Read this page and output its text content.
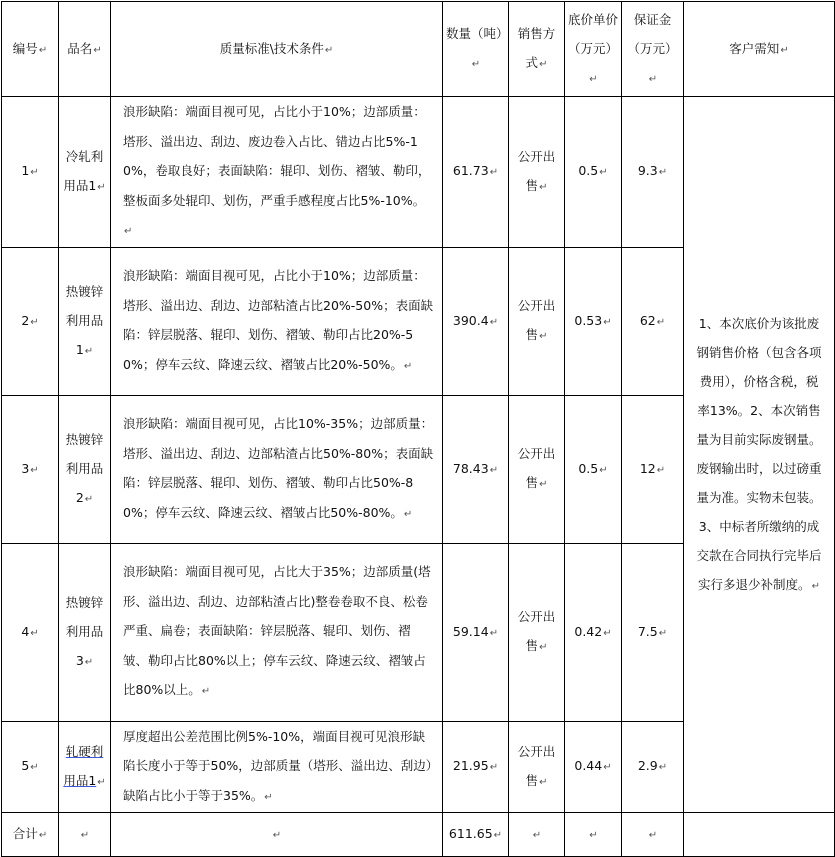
编号↵	品名↵	质量标准\技术条件↵	数量（吨）↵	销售方式↵	底价单价（万元）↵	保证金（万元）↵	客户需知↵
1↵	冷轧利用品1↵	浪形缺陷：端面目视可见，占比小于10%；边部质量：塔形、溢出边、刮边、废边卷入占比、错边占比5%-10%，卷取良好；表面缺陷：辊印、划伤、褶皱、勒印，整板面多处辊印、划伤，严重手感程度占比5%-10%。↵	61.73↵	公开出售↵	0.5↵	9.3↵	1、本次底价为该批废钢销售价格（包含各项费用），价格含税，税率13%。2、本次销售量为目前实际废钢量。废钢输出时，以过磅重量为准。实物未包装。3、中标者所缴纳的成交款在合同执行完毕后实行多退少补制度。↵
2↵	热镀锌利用品1↵	浪形缺陷：端面目视可见，占比小于10%；边部质量：塔形、溢出边、刮边、边部粘渣占比20%-50%；表面缺陷：锌层脱落、辊印、划伤、褶皱、勒印占比20%-50%；停车云纹、降速云纹、褶皱占比20%-50%。↵	390.4↵	公开出售↵	0.53↵	62↵	
3↵	热镀锌利用品2↵	浪形缺陷：端面目视可见，占比10%-35%；边部质量：塔形、溢出边、刮边、边部粘渣占比50%-80%；表面缺陷：锌层脱落、辊印、划伤、褶皱、勒印占比50%-80%；停车云纹、降速云纹、褶皱占比50%-80%。↵	78.43↵	公开出售↵	0.5↵	12↵	
4↵	热镀锌利用品3↵	浪形缺陷：端面目视可见，占比大于35%；边部质量(塔形、溢出边、刮边、边部粘渣占比)整卷卷取不良、松卷严重、扁卷；表面缺陷：锌层脱落、辊印、划伤、褶皱、勒印占比80%以上；停车云纹、降速云纹、褶皱占比80%以上。↵	59.14↵	公开出售↵	0.42↵	7.5↵	
5↵	轧硬利用品1↵	厚度超出公差范围比例5%-10%，端面目视可见浪形缺陷长度小于等于50%，边部质量（塔形、溢出边、刮边）缺陷占比小于等于35%。↵	21.95↵	公开出售↵	0.44↵	2.9↵	
合计↵	↵	↵	611.65↵	↵	↵	↵	
